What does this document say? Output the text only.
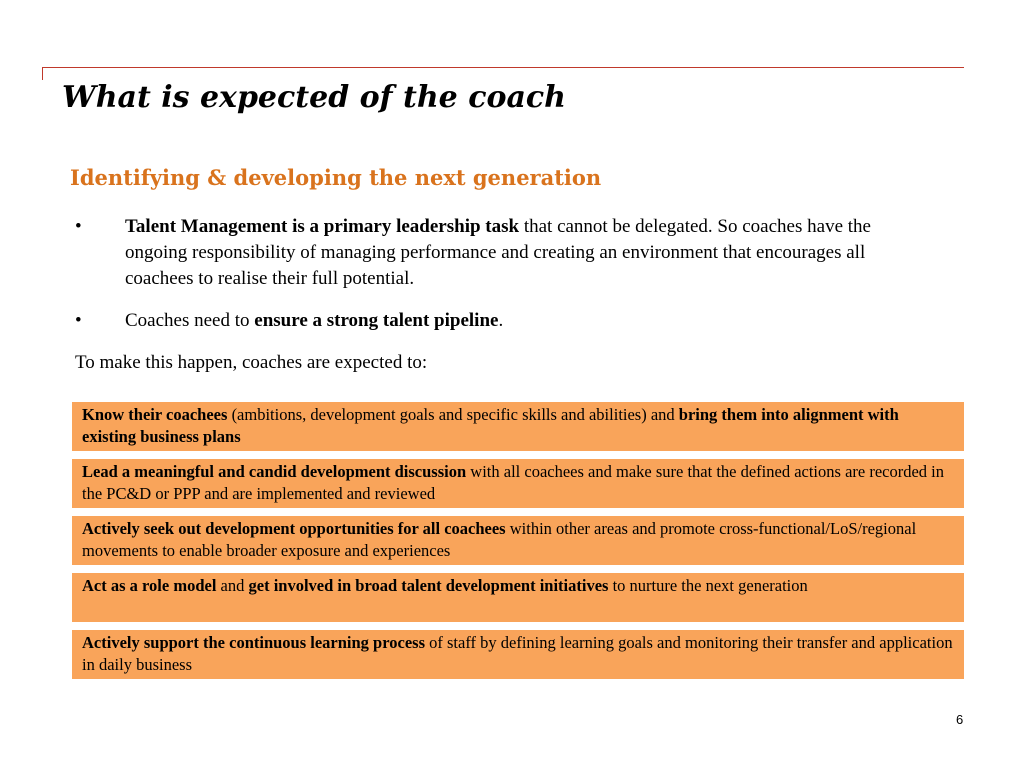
What is expected of the coach
Identifying & developing the next generation
• Talent Management is a primary leadership task that cannot be delegated. So coaches have the ongoing responsibility of managing performance and creating an environment that encourages all coachees to realise their full potential.
• Coaches need to ensure a strong talent pipeline.
To make this happen, coaches are expected to:
Know their coachees (ambitions, development goals and specific skills and abilities) and bring them into alignment with existing business plans
Lead a meaningful and candid development discussion with all coachees and make sure that the defined actions are recorded in the PC&D or PPP and are implemented and reviewed
Actively seek out development opportunities for all coachees within other areas and promote cross-functional/LoS/regional movements to enable broader exposure and experiences
Act as a role model and get involved in broad talent development initiatives to nurture the next generation
Actively support the continuous learning process of staff by defining learning goals and monitoring their transfer and application in daily business
6
